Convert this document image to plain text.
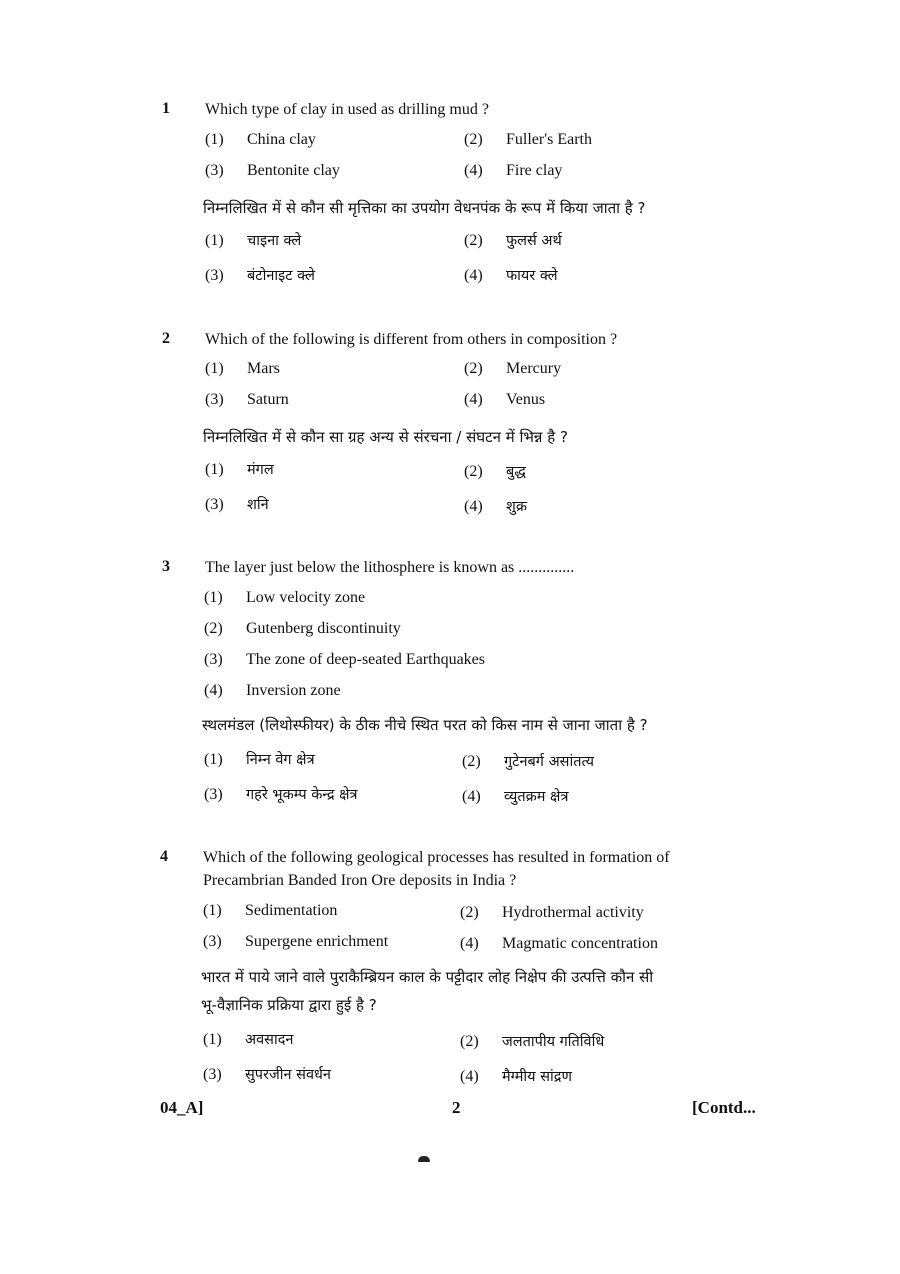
1 Which type of clay in used as drilling mud ?
(1) China clay	(2) Fuller's Earth
(3) Bentonite clay	(4) Fire clay
निम्नलिखित में से कौन सी मृत्तिका का उपयोग वेधनपंक के रूप में किया जाता है ?
(1) चाइना क्ले	(2) फुलर्स अर्थ
(3) बंटोनाइट क्ले	(4) फायर क्ले
2 Which of the following is different from others in composition ?
(1) Mars	(2) Mercury
(3) Saturn	(4) Venus
निम्नलिखित में से कौन सा ग्रह अन्य से संरचना / संघटन में भिन्न है ?
(1) मंगल	(2) बुद्ध
(3) शनि	(4) शुक्र
3 The layer just below the lithosphere is known as ..............
(1) Low velocity zone
(2) Gutenberg discontinuity
(3) The zone of deep-seated Earthquakes
(4) Inversion zone
स्थलमंडल (लिथोस्फीयर) के ठीक नीचे स्थित परत को किस नाम से जाना जाता है ?
(1) निम्न वेग क्षेत्र	(2) गुटेनबर्ग असांतत्य
(3) गहरे भूकम्प केन्द्र क्षेत्र	(4) व्युतक्रम क्षेत्र
4 Which of the following geological processes has resulted in formation of
Precambrian Banded Iron Ore deposits in India ?
(1) Sedimentation	(2) Hydrothermal activity
(3) Supergene enrichment	(4) Magmatic concentration
भारत में पाये जाने वाले पुराकैम्ब्रियन काल के पट्टीदार लोह निक्षेप की उत्पत्ति कौन सी
भू-वैज्ञानिक प्रक्रिया द्वारा हुई है ?
(1) अवसादन	(2) जलतापीय गतिविधि
(3) सुपरजीन संवर्धन	(4) मैग्मीय सांद्रण
04_A]	2	[Contd...
